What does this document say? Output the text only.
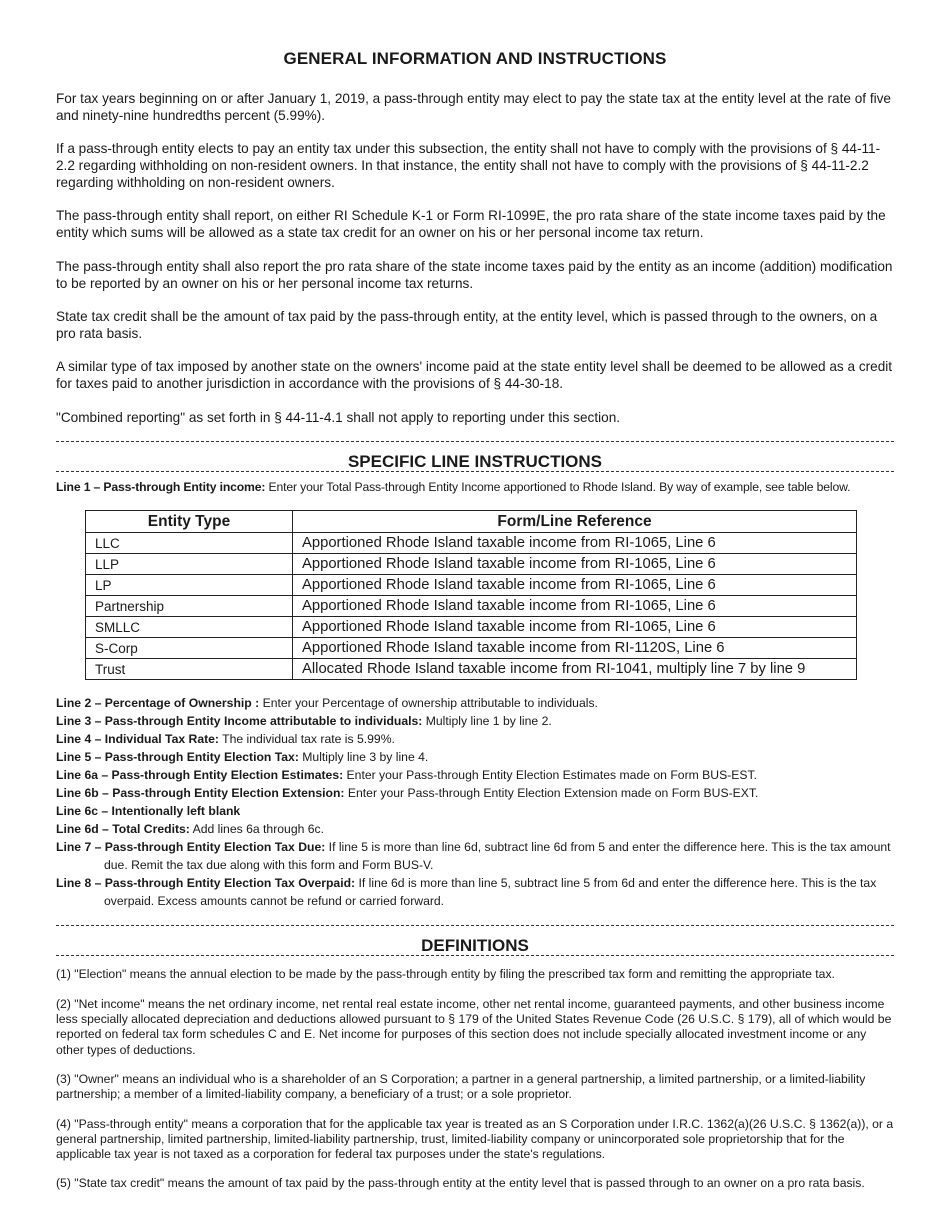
GENERAL INFORMATION AND INSTRUCTIONS

For tax years beginning on or after January 1, 2019, a pass-through entity may elect to pay the state tax at the entity level at the rate of five and ninety-nine hundredths percent (5.99%).

If a pass-through entity elects to pay an entity tax under this subsection, the entity shall not have to comply with the provisions of § 44-11-2.2 regarding withholding on non-resident owners. In that instance, the entity shall not have to comply with the provisions of § 44-11-2.2 regarding withholding on non-resident owners.

The pass-through entity shall report, on either RI Schedule K-1 or Form RI-1099E, the pro rata share of the state income taxes paid by the entity which sums will be allowed as a state tax credit for an owner on his or her personal income tax return.

The pass-through entity shall also report the pro rata share of the state income taxes paid by the entity as an income (addition) modification to be reported by an owner on his or her personal income tax returns.

State tax credit shall be the amount of tax paid by the pass-through entity, at the entity level, which is passed through to the owners, on a pro rata basis.

A similar type of tax imposed by another state on the owners' income paid at the state entity level shall be deemed to be allowed as a credit for taxes paid to another jurisdiction in accordance with the provisions of § 44-30-18.

"Combined reporting" as set forth in § 44-11-4.1 shall not apply to reporting under this section.

SPECIFIC LINE INSTRUCTIONS

Line 1 – Pass-through Entity income: Enter your Total Pass-through Entity Income apportioned to Rhode Island. By way of example, see table below.

Entity Type	Form/Line Reference
LLC	Apportioned Rhode Island taxable income from RI-1065, Line 6
LLP	Apportioned Rhode Island taxable income from RI-1065, Line 6
LP	Apportioned Rhode Island taxable income from RI-1065, Line 6
Partnership	Apportioned Rhode Island taxable income from RI-1065, Line 6
SMLLC	Apportioned Rhode Island taxable income from RI-1065, Line 6
S-Corp	Apportioned Rhode Island taxable income from RI-1120S, Line 6
Trust	Allocated Rhode Island taxable income from RI-1041, multiply line 7 by line 9
Line 2 – Percentage of Ownership : Enter your Percentage of ownership attributable to individuals.
Line 3 – Pass-through Entity Income attributable to individuals: Multiply line 1 by line 2.
Line 4 – Individual Tax Rate: The individual tax rate is 5.99%.
Line 5 – Pass-through Entity Election Tax: Multiply line 3 by line 4.
Line 6a – Pass-through Entity Election Estimates: Enter your Pass-through Entity Election Estimates made on Form BUS-EST.
Line 6b – Pass-through Entity Election Extension: Enter your Pass-through Entity Election Extension made on Form BUS-EXT.
Line 6c – Intentionally left blank
Line 6d – Total Credits: Add lines 6a through 6c.
Line 7 – Pass-through Entity Election Tax Due: If line 5 is more than line 6d, subtract line 6d from 5 and enter the difference here. This is the tax amount due. Remit the tax due along with this form and Form BUS-V.
Line 8 – Pass-through Entity Election Tax Overpaid: If line 6d is more than line 5, subtract line 5 from 6d and enter the difference here. This is the tax overpaid. Excess amounts cannot be refund or carried forward.
DEFINITIONS

(1) "Election" means the annual election to be made by the pass-through entity by filing the prescribed tax form and remitting the appropriate tax.

(2) "Net income" means the net ordinary income, net rental real estate income, other net rental income, guaranteed payments, and other business income less specially allocated depreciation and deductions allowed pursuant to § 179 of the United States Revenue Code (26 U.S.C. § 179), all of which would be reported on federal tax form schedules C and E. Net income for purposes of this section does not include specially allocated investment income or any other types of deductions.

(3) "Owner" means an individual who is a shareholder of an S Corporation; a partner in a general partnership, a limited partnership, or a limited-liability partnership; a member of a limited-liability company, a beneficiary of a trust; or a sole proprietor.

(4) "Pass-through entity" means a corporation that for the applicable tax year is treated as an S Corporation under I.R.C. 1362(a)(26 U.S.C. § 1362(a)), or a general partnership, limited partnership, limited-liability partnership, trust, limited-liability company or unincorporated sole proprietorship that for the applicable tax year is not taxed as a corporation for federal tax purposes under the state's regulations.

(5) "State tax credit" means the amount of tax paid by the pass-through entity at the entity level that is passed through to an owner on a pro rata basis.
